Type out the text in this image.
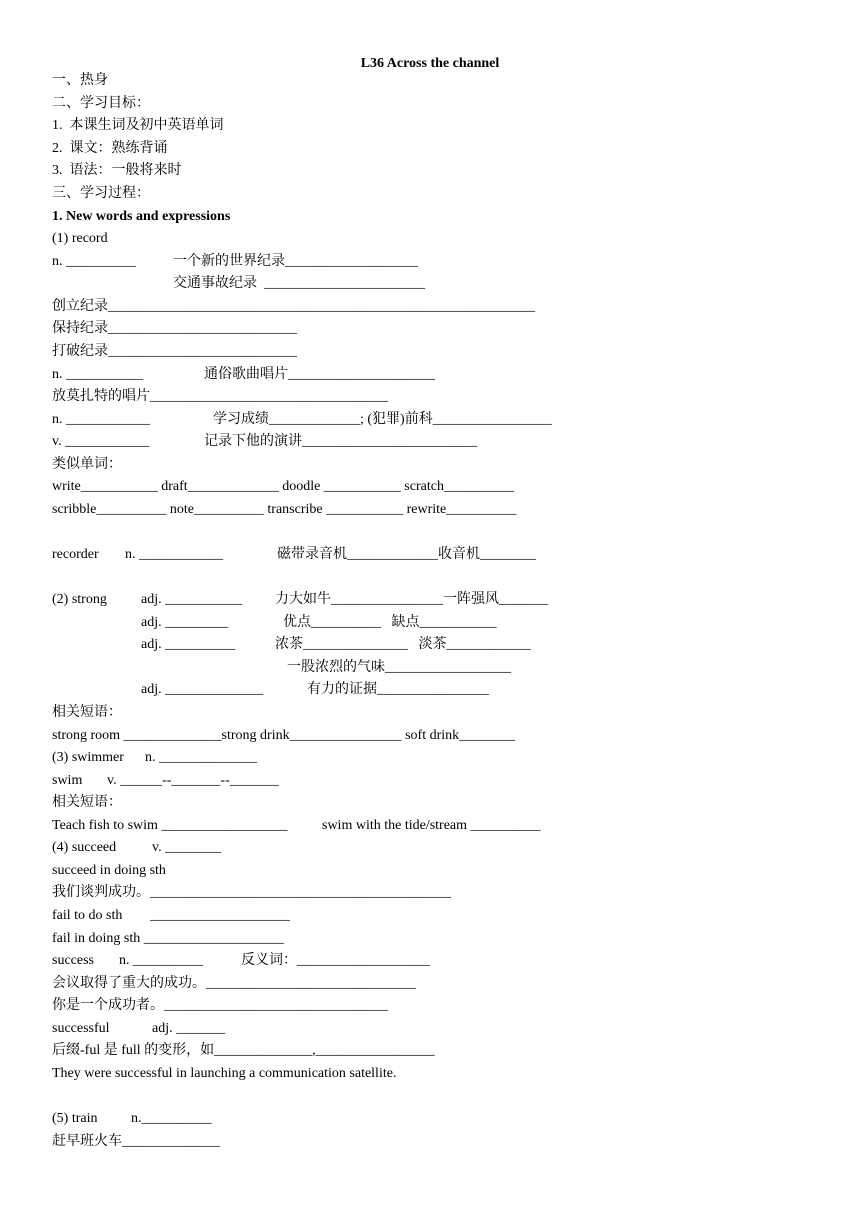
L36 Across the channel
一、热身
二、学习目标：
1.  本课生词及初中英语单词
2.  课文：熟练背诵
3.  语法：一般将来时
三、学习过程：
1. New words and expressions
(1) record
n. __________	一个新的世界纪录___________________
交通事故纪录  _______________________
创立纪录_____________________________________________________________
保持纪录___________________________
打破纪录___________________________
n. ___________	通俗歌曲唱片_____________________
放莫扎特的唱片__________________________________
n. ____________	学习成绩_____________; (犯罪)前科_________________
v. ____________	记录下他的演讲_________________________
类似单词：
write___________ draft_____________ doodle ___________ scratch__________
scribble__________ note__________ transcribe ___________ rewrite__________
recorder n. ____________	磁带录音机_____________收音机________
(2) strong adj. ___________ 力大如牛________________一阵强风_______
adj. _________	优点__________   缺点___________
adj. __________	浓茶_______________   淡茶____________
一股浓烈的气味__________________
adj. ______________	有力的证据________________
相关短语：
strong room ______________strong drink________________ soft drink________
(3) swimmer n. ______________
swim v. ______--_______--_______
相关短语：
Teach fish to swim __________________ swim with the tide/stream __________
(4) succeed	v. ________
succeed in doing sth
我们谈判成功。___________________________________________
fail to do sth ____________________
fail in doing sth ____________________
success n. __________	反义词：___________________
会议取得了重大的成功。______________________________
你是一个成功者。________________________________
successful	adj. _______
后缀-ful 是 full 的变形，如______________,_________________
They were successful in launching a communication satellite.
(5) train n.__________
赶早班火车______________
